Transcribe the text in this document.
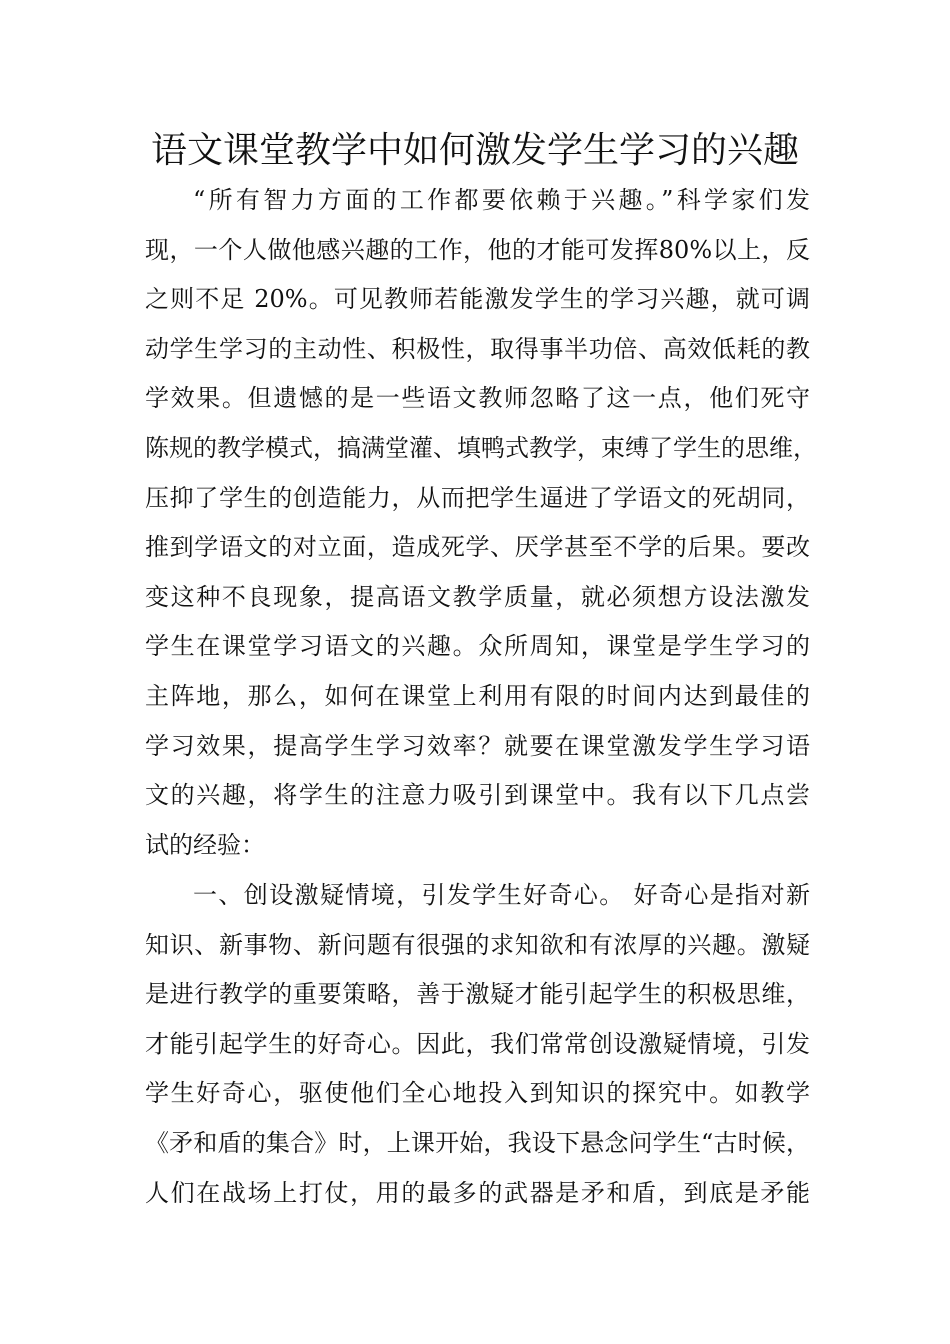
语文课堂教学中如何激发学生学习的兴趣
“所有智力方面的工作都要依赖于兴趣。”科学家们发
现，一个人做他感兴趣的工作，他的才能可发挥80%以上，反
之则不足 20%。可见教师若能激发学生的学习兴趣，就可调
动学生学习的主动性、积极性，取得事半功倍、高效低耗的教
学效果。但遗憾的是一些语文教师忽略了这一点，他们死守
陈规的教学模式，搞满堂灌、填鸭式教学，束缚了学生的思维，
压抑了学生的创造能力，从而把学生逼进了学语文的死胡同，
推到学语文的对立面，造成死学、厌学甚至不学的后果。要改
变这种不良现象，提高语文教学质量，就必须想方设法激发
学生在课堂学习语文的兴趣。众所周知，课堂是学生学习的
主阵地，那么，如何在课堂上利用有限的时间内达到最佳的
学习效果，提高学生学习效率？就要在课堂激发学生学习语
文的兴趣，将学生的注意力吸引到课堂中。我有以下几点尝
试的经验：
一、创设激疑情境，引发学生好奇心。 好奇心是指对新
知识、新事物、新问题有很强的求知欲和有浓厚的兴趣。激疑
是进行教学的重要策略，善于激疑才能引起学生的积极思维，
才能引起学生的好奇心。因此，我们常常创设激疑情境，引发
学生好奇心，驱使他们全心地投入到知识的探究中。如教学
《矛和盾的集合》时，上课开始，我设下悬念问学生“古时候，
人们在战场上打仗，用的最多的武器是矛和盾，到底是矛能
